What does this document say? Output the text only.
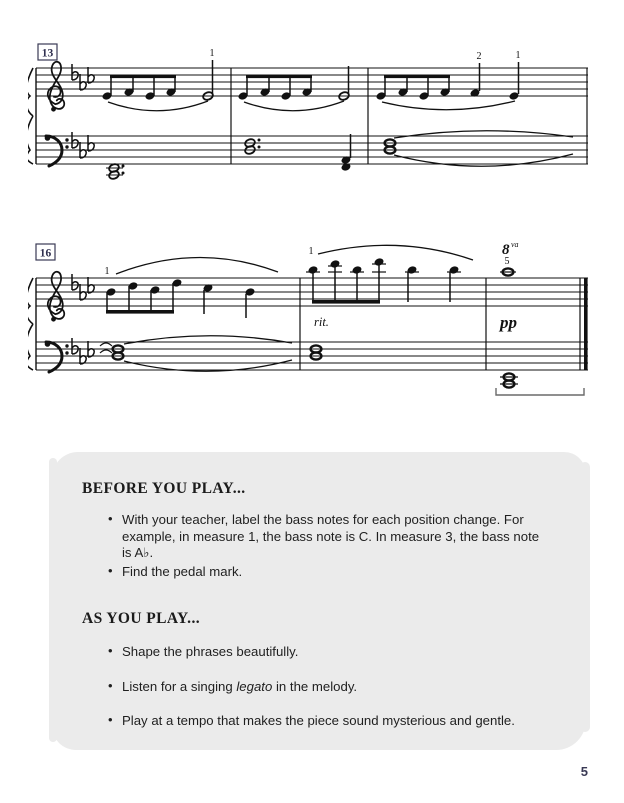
13	1	2	1
16
1
1
rit.
8 va
5
pp
BEFORE YOU PLAY...
• With your teacher, label the bass notes for each position change. For example, in measure 1, the bass note is C. In measure 3, the bass note is A♭.
• Find the pedal mark.
AS YOU PLAY...
• Shape the phrases beautifully.
• Listen for a singing legato in the melody.
• Play at a tempo that makes the piece sound mysterious and gentle.
5
